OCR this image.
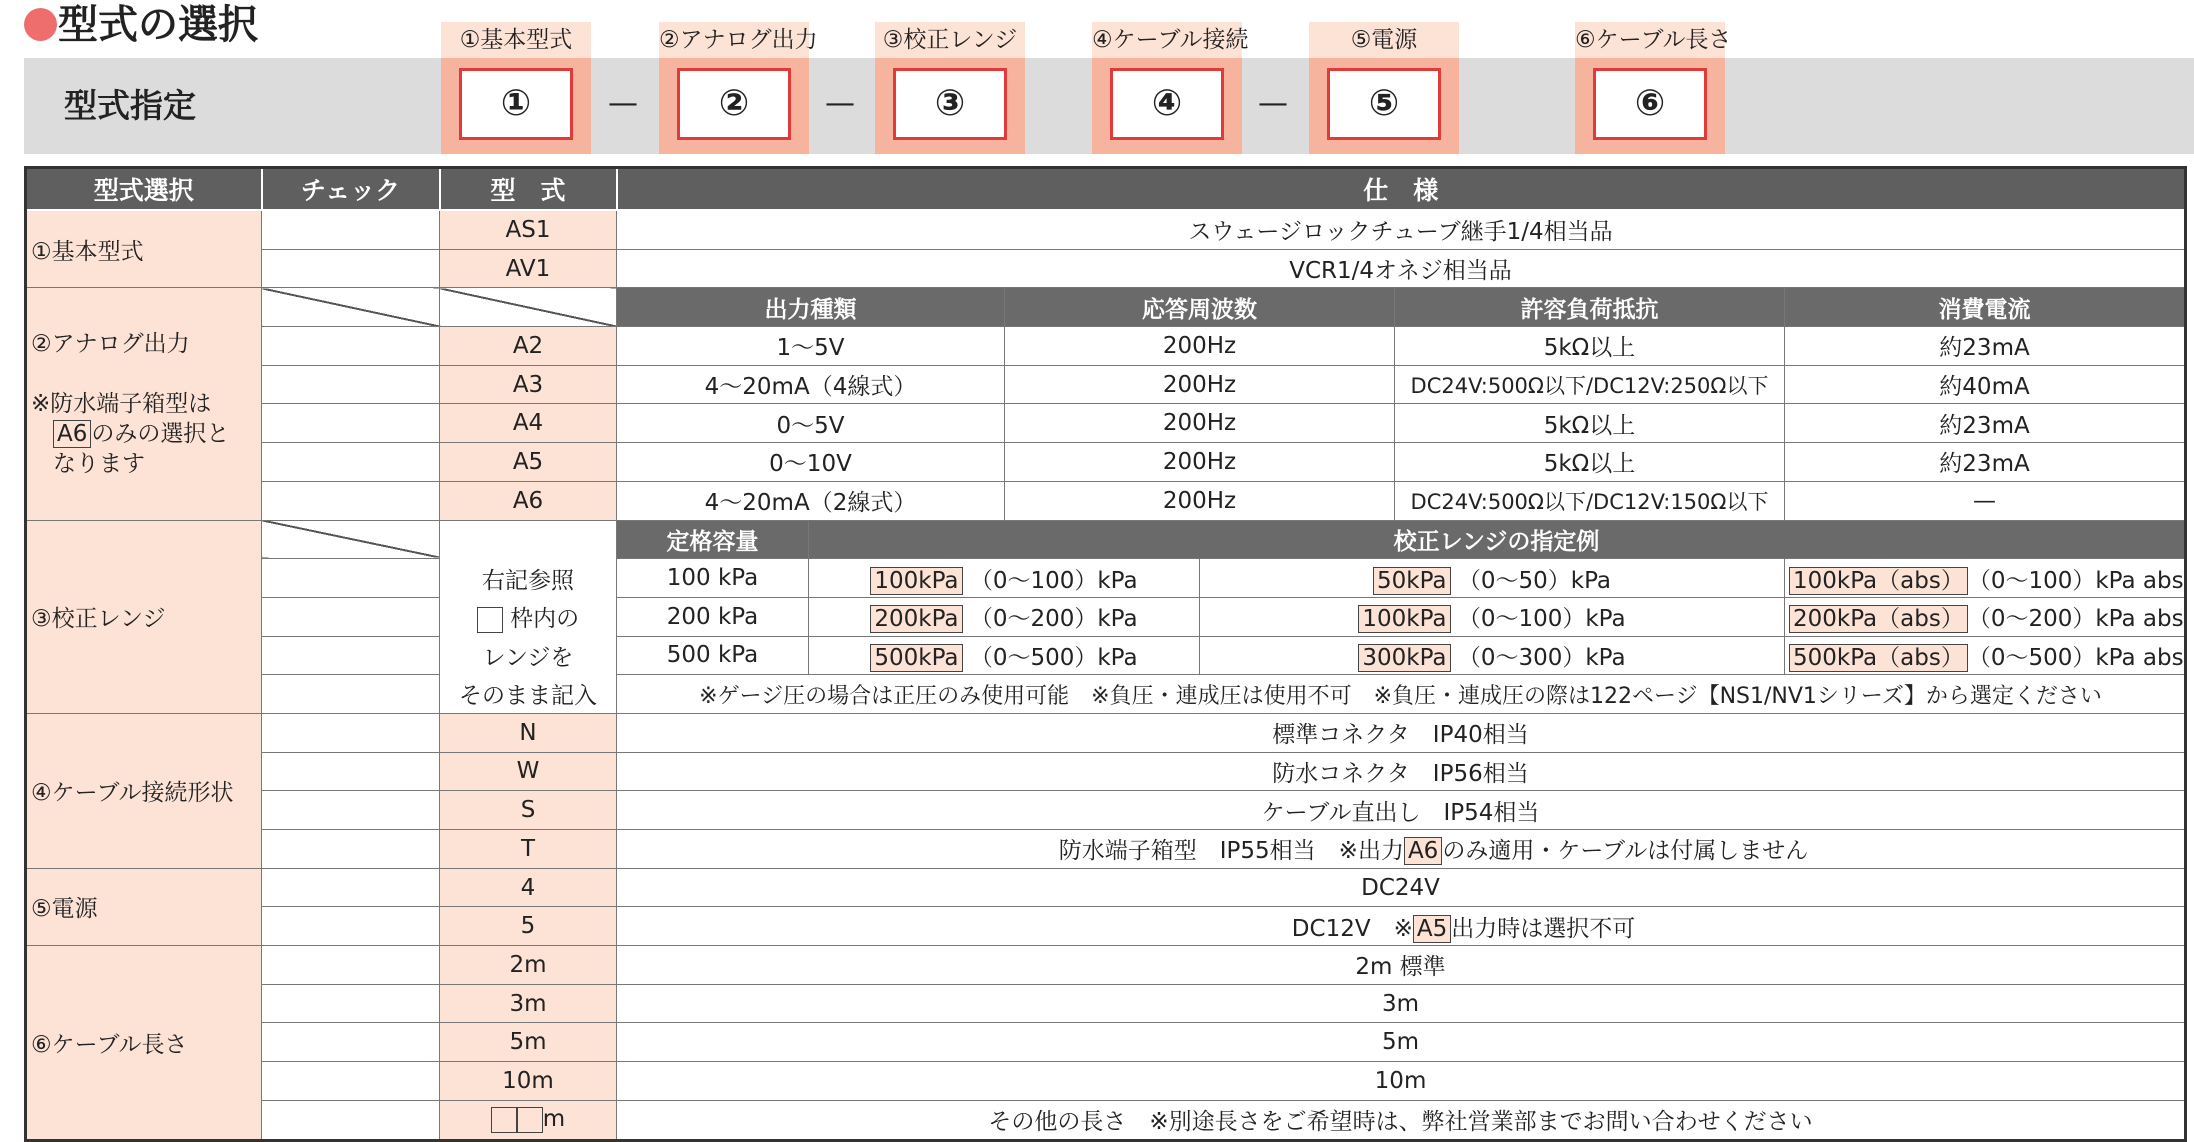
型式の選択
型式指定
①基本型式
①	—
②アナログ出力
②	—
③校正レンジ
③
④ケーブル接続
④	—
⑤電源
⑤
⑥ケーブル長さ
⑥
型式選択	チェック	型　式	仕　様					
①基本型式		AS1	スウェージロックチューブ継手1/4相当品					
		AV1	VCR1/4オネジ相当品					

②アナログ出力
※防水端子箱型は
A6 のみの選択と
なります			出力種類		応答周波数		許容負荷抵抗	消費電流
		A2	1～5V		200Hz		5kΩ以上	約23mA
		A3	4～20mA（4線式）		200Hz		DC24V:500Ω以下/DC12V:250Ω以下	約40mA
		A4	0～5V		200Hz		5kΩ以上	約23mA
		A5	0～10V		200Hz		5kΩ以上	約23mA
		A6	4～20mA（2線式）		200Hz		DC24V:500Ω以下/DC12V:150Ω以下	—
③校正レンジ			定格容量	校正レンジの指定例				
		右記参照	100 kPa	100kPa （0～100）kPa		50kPa （0～50）kPa		100kPa（abs） （0～100）kPa abs
		枠内の	200 kPa	200kPa （0～200）kPa		100kPa （0～100）kPa		200kPa（abs） （0～200）kPa abs
		レンジを	500 kPa	500kPa （0～500）kPa		300kPa （0～300）kPa		500kPa（abs） （0～500）kPa abs
		そのまま記入	※ゲージ圧の場合は正圧のみ使用可能　※負圧・連成圧は使用不可　※負圧・連成圧の際は122ページ【NS1/NV1シリーズ】から選定ください					
④ケーブル接続形状		N	標準コネクタ　IP40相当					
		W	防水コネクタ　IP56相当					
		S	ケーブル直出し　IP54相当					
		T	防水端子箱型　IP55相当　※出力 A6 のみ適用・ケーブルは付属しません					
⑤電源		4	DC24V					
		5	DC12V　※ A5 出力時は選択不可					
⑥ケーブル長さ		2m	2m 標準					
		3m	3m					
		5m	5m					
		10m	10m					
		m	その他の長さ　※別途長さをご希望時は、弊社営業部までお問い合わせください					
